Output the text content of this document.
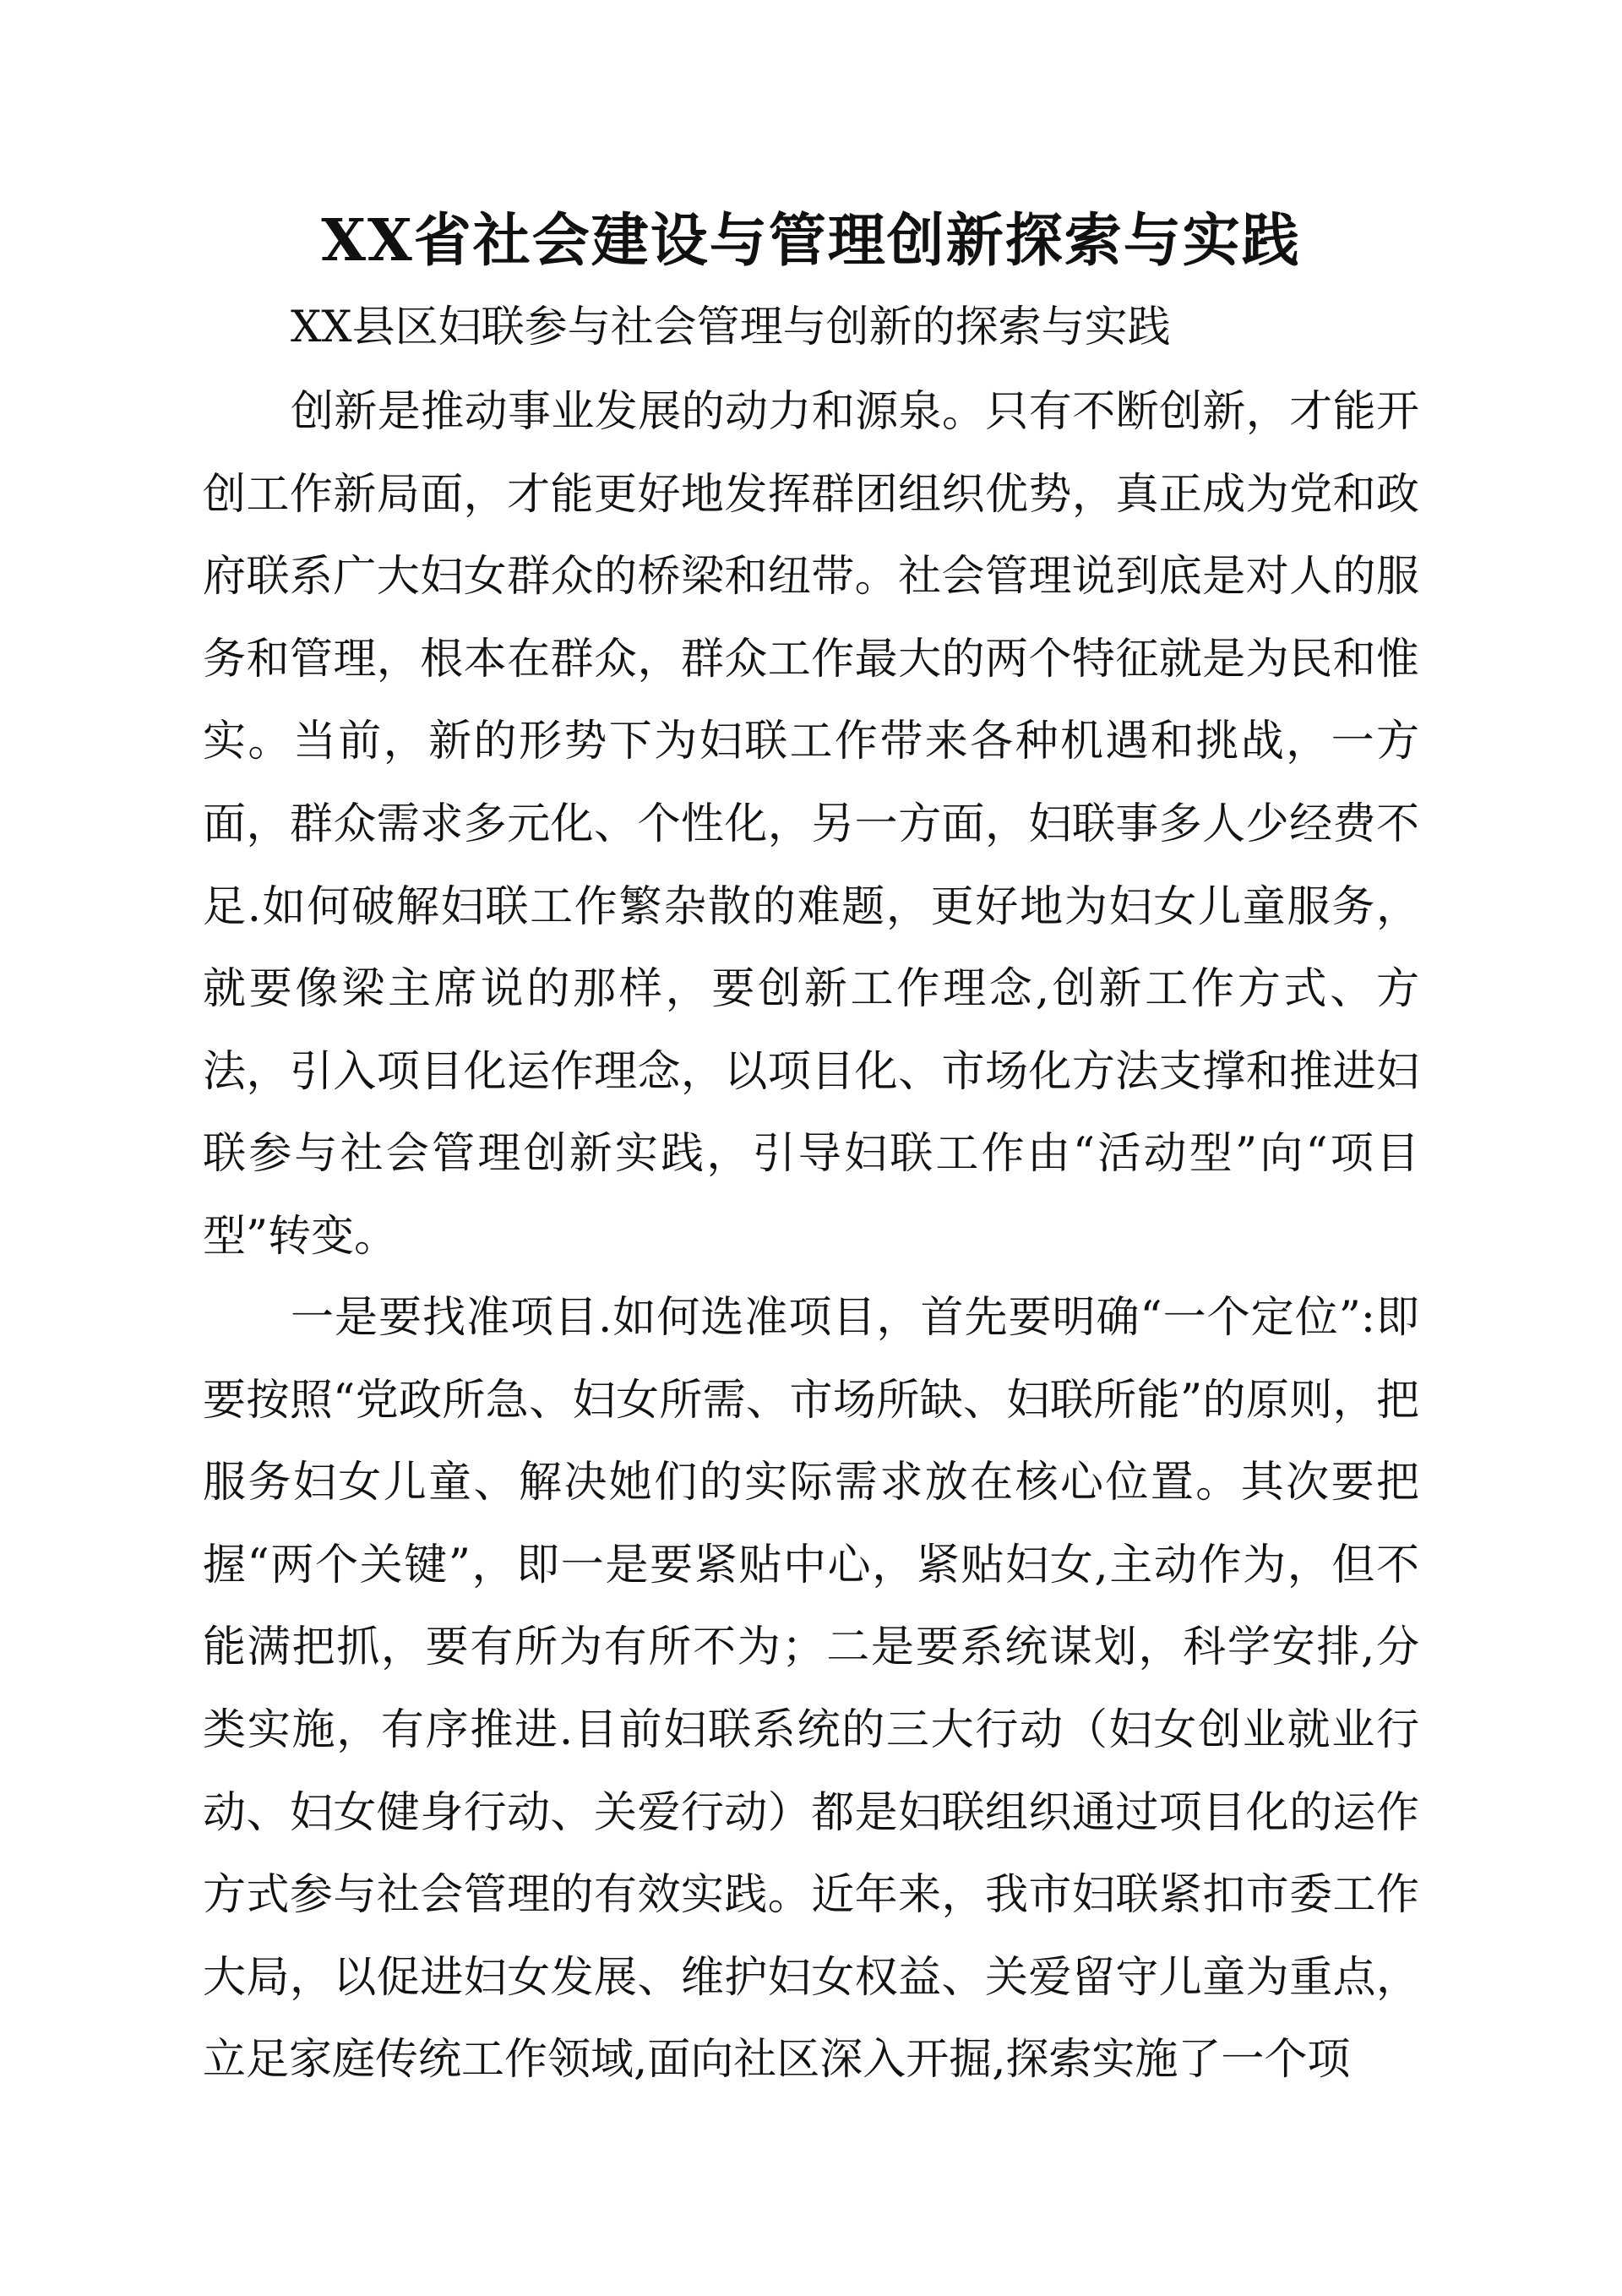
XX省社会建设与管理创新探索与实践

XX县区妇联参与社会管理与创新的探索与实践

创新是推动事业发展的动力和源泉。只有不断创新，才能开创工作新局面，才能更好地发挥群团组织优势，真正成为党和政府联系广大妇女群众的桥梁和纽带。社会管理说到底是对人的服务和管理，根本在群众，群众工作最大的两个特征就是为民和惟实。当前，新的形势下为妇联工作带来各种机遇和挑战，一方面，群众需求多元化、个性化，另一方面，妇联事多人少经费不足.如何破解妇联工作繁杂散的难题，更好地为妇女儿童服务，就要像梁主席说的那样，要创新工作理念,创新工作方式、方法，引入项目化运作理念，以项目化、市场化方法支撑和推进妇联参与社会管理创新实践，引导妇联工作由“活动型”向“项目型”转变。

一是要找准项目.如何选准项目，首先要明确“一个定位”:即要按照“党政所急、妇女所需、市场所缺、妇联所能”的原则，把服务妇女儿童、解决她们的实际需求放在核心位置。其次要把握“两个关键”，即一是要紧贴中心，紧贴妇女,主动作为，但不能满把抓，要有所为有所不为；二是要系统谋划，科学安排,分类实施，有序推进.目前妇联系统的三大行动（妇女创业就业行动、妇女健身行动、关爱行动）都是妇联组织通过项目化的运作方式参与社会管理的有效实践。近年来，我市妇联紧扣市委工作大局，以促进妇女发展、维护妇女权益、关爱留守儿童为重点，立足家庭传统工作领域,面向社区深入开掘,探索实施了一个项
